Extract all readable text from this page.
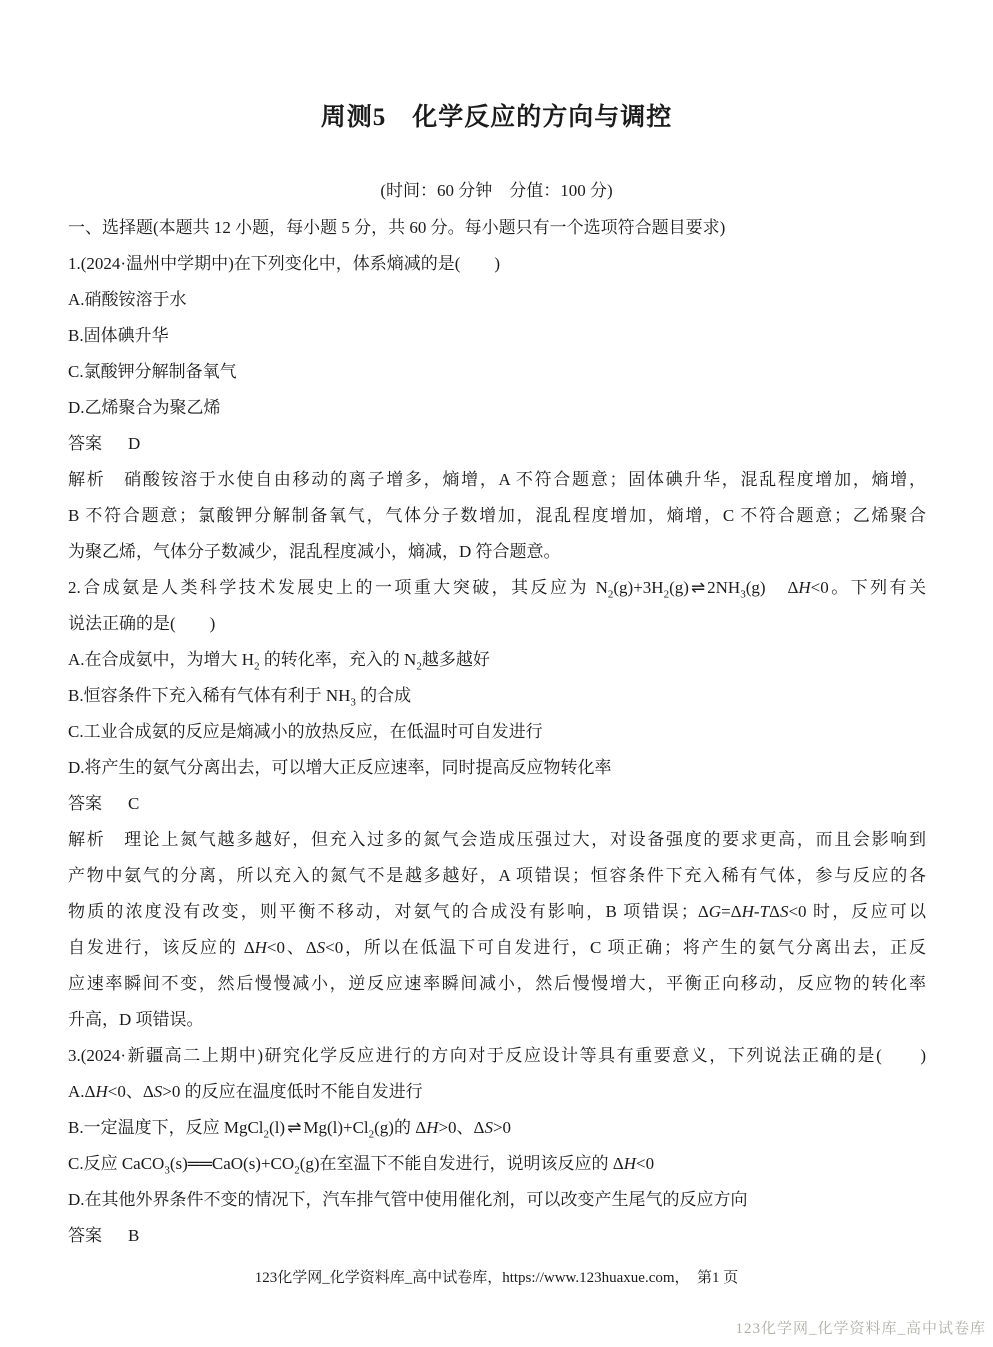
周测5　化学反应的方向与调控
(时间：60 分钟　分值：100 分)
一、选择题(本题共 12 小题，每小题 5 分，共 60 分。每小题只有一个选项符合题目要求)
1.(2024·温州中学期中)在下列变化中，体系熵减的是(　　)
A.硝酸铵溶于水
B.固体碘升华
C.氯酸钾分解制备氧气
D.乙烯聚合为聚乙烯
答案 D
解析　硝酸铵溶于水使自由移动的离子增多，熵增，A 不符合题意；固体碘升华，混乱程度增加，熵增，
B 不符合题意；氯酸钾分解制备氧气，气体分子数增加，混乱程度增加，熵增，C 不符合题意；乙烯聚合
为聚乙烯，气体分子数减少，混乱程度减小，熵减，D 符合题意。
2.合成氨是人类科学技术发展史上的一项重大突破，其反应为 $N_2(g)+3H_2(g)$ ⇌ $2NH_3(g)$　ΔH<0。下列有关
说法正确的是(　　)
A.在合成氨中，为增大 $H_2$ 的转化率，充入的 $N_2$越多越好
B.恒容条件下充入稀有气体有利于 $NH_3$ 的合成
C.工业合成氨的反应是熵减小的放热反应，在低温时可自发进行
D.将产生的氨气分离出去，可以增大正反应速率，同时提高反应物转化率
答案 C
解析　理论上氮气越多越好，但充入过多的氮气会造成压强过大，对设备强度的要求更高，而且会影响到
产物中氨气的分离，所以充入的氮气不是越多越好，A 项错误；恒容条件下充入稀有气体，参与反应的各
物质的浓度没有改变，则平衡不移动，对氨气的合成没有影响，B 项错误；ΔG=ΔH-TΔS<0 时，反应可以
自发进行，该反应的 ΔH<0、ΔS<0，所以在低温下可自发进行，C 项正确；将产生的氨气分离出去，正反
应速率瞬间不变，然后慢慢减小，逆反应速率瞬间减小，然后慢慢增大，平衡正向移动，反应物的转化率
升高，D 项错误。
3.(2024·新疆高二上期中)研究化学反应进行的方向对于反应设计等具有重要意义，下列说法正确的是(　　)
A.ΔH<0、ΔS>0 的反应在温度低时不能自发进行
B.一定温度下，反应 MgCl$_2$(l) ⇌ $Mg(l)+Cl_2(g)$的 ΔH>0、ΔS>0
C.反应 $CaCO_3(s)══CaO(s)+CO_2(g)$在室温下不能自发进行，说明该反应的 ΔH<0
D.在其他外界条件不变的情况下，汽车排气管中使用催化剂，可以改变产生尾气的反应方向
答案 B
123化学网_化学资料库_高中试卷库，https://www.123huaxue.com，　第1 页
123化学网_化学资料库_高中试卷库
